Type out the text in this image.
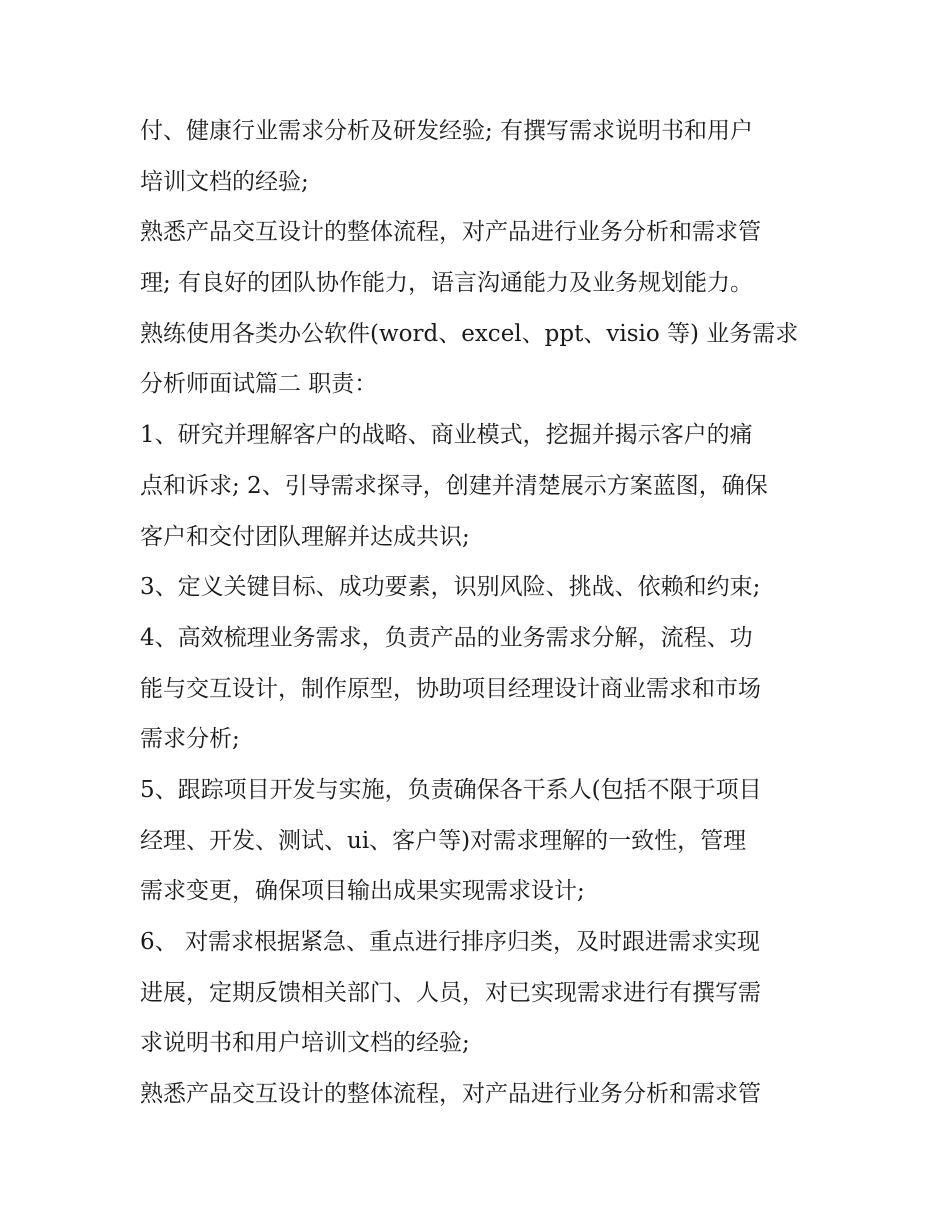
付、健康行业需求分析及研发经验; 有撰写需求说明书和用户
培训文档的经验;
熟悉产品交互设计的整体流程，对产品进行业务分析和需求管
理; 有良好的团队协作能力，语言沟通能力及业务规划能力。
熟练使用各类办公软件(word、excel、ppt、visio 等) 业务需求
分析师面试篇二 职责：
1、研究并理解客户的战略、商业模式，挖掘并揭示客户的痛
点和诉求; 2、引导需求探寻，创建并清楚展示方案蓝图，确保
客户和交付团队理解并达成共识;
3、定义关键目标、成功要素，识别风险、挑战、依赖和约束;
4、高效梳理业务需求，负责产品的业务需求分解，流程、功
能与交互设计，制作原型，协助项目经理设计商业需求和市场
需求分析;
5、跟踪项目开发与实施，负责确保各干系人(包括不限于项目
经理、开发、测试、ui、客户等)对需求理解的一致性，管理
需求变更，确保项目输出成果实现需求设计;
6、 对需求根据紧急、重点进行排序归类，及时跟进需求实现
进展，定期反馈相关部门、人员，对已实现需求进行有撰写需
求说明书和用户培训文档的经验;
熟悉产品交互设计的整体流程，对产品进行业务分析和需求管
